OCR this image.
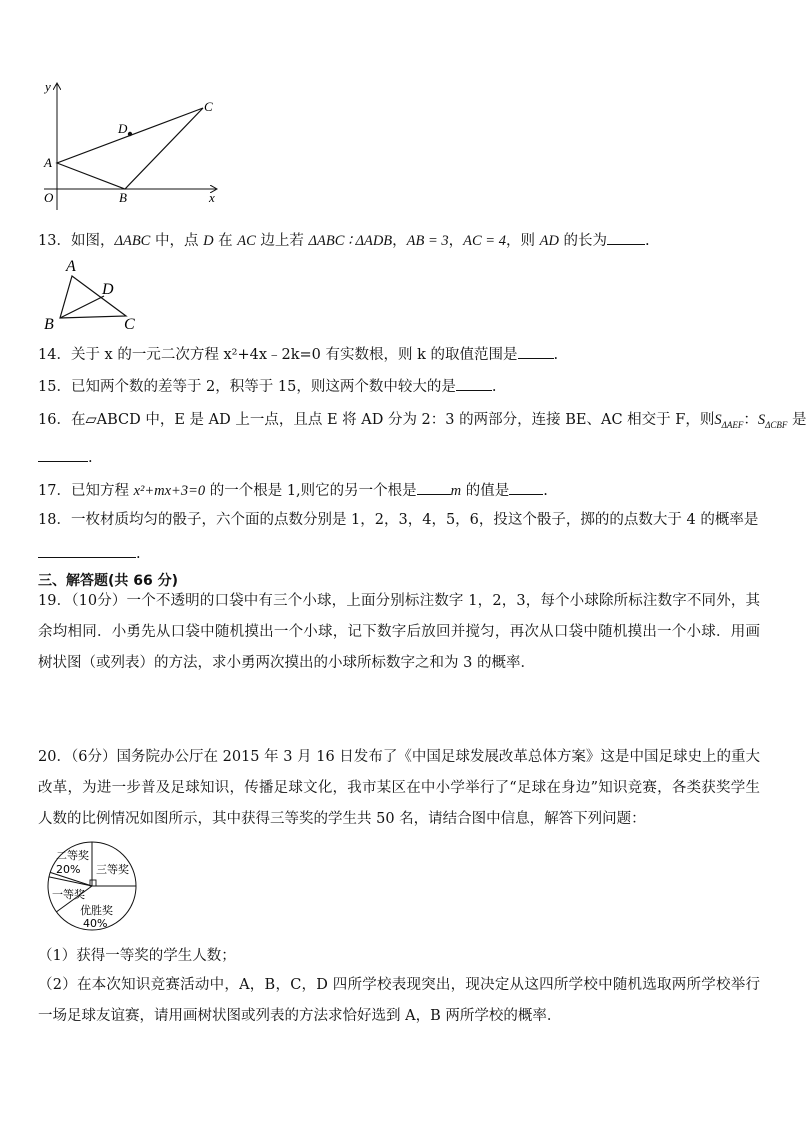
y
x
O
A
B
C
D
13．如图，ΔABC 中，点 D 在 AC 边上若 ΔABC ∶ ΔADB，AB = 3，AC = 4，则 AD 的长为	.
A
B	C
D
14．关于 x 的一元二次方程 x²+4x﹣2k=0 有实数根，则 k 的取值范围是 .
15．已知两个数的差等于 2，积等于 15，则这两个数中较大的是 .
16．在▱ABCD 中，E 是 AD 上一点，且点 E 将 AD 分为 2：3 的两部分，连接 BE、AC 相交于 F，则$S_{\Delta AEF}$：$S_{\Delta CBF}$ 是
.
17．已知方程 x²+mx+3=0 的一个根是 1,则它的另一个根是 m 的值是 .
18．一枚材质均匀的骰子，六个面的点数分别是 1，2，3，4，5，6，投这个骰子，掷的的点数大于 4 的概率是
.
三、解答题(共 66 分)
19．（10分）一个不透明的口袋中有三个小球，上面分别标注数字 1，2，3，每个小球除所标注数字不同外，其余均相同．小勇先从口袋中随机摸出一个小球，记下数字后放回并搅匀，再次从口袋中随机摸出一个小球．用画树状图（或列表）的方法，求小勇两次摸出的小球所标数字之和为 3 的概率．
20．（6分）国务院办公厅在 2015 年 3 月 16 日发布了《中国足球发展改革总体方案》这是中国足球史上的重大改革，为进一步普及足球知识，传播足球文化，我市某区在中小学举行了“足球在身边”知识竞赛，各类获奖学生人数的比例情况如图所示，其中获得三等奖的学生共 50 名，请结合图中信息，解答下列问题：
二等奖
20% 三等奖
一等奖
优胜奖
40%
（1）获得一等奖的学生人数；
（2）在本次知识竞赛活动中，A，B，C，D 四所学校表现突出，现决定从这四所学校中随机选取两所学校举行一场足球友谊赛，请用画树状图或列表的方法求恰好选到 A，B 两所学校的概率．
